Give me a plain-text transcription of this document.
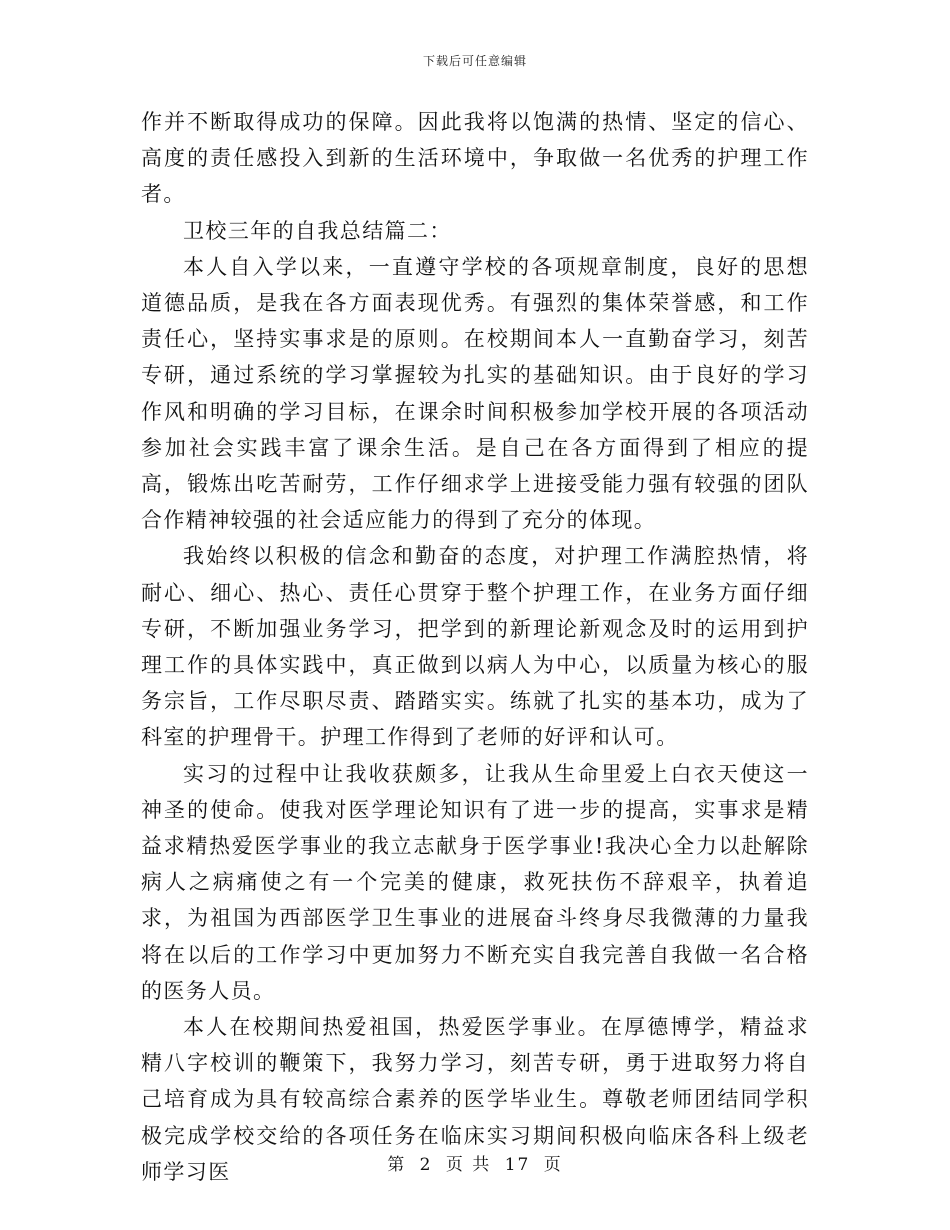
下载后可任意编辑

作并不断取得成功的保障。因此我将以饱满的热情、坚定的信心、高度的责任感投入到新的生活环境中，争取做一名优秀的护理工作者。

卫校三年的自我总结篇二：

本人自入学以来，一直遵守学校的各项规章制度，良好的思想道德品质，是我在各方面表现优秀。有强烈的集体荣誉感，和工作责任心，坚持实事求是的原则。在校期间本人一直勤奋学习，刻苦专研，通过系统的学习掌握较为扎实的基础知识。由于良好的学习作风和明确的学习目标，在课余时间积极参加学校开展的各项活动参加社会实践丰富了课余生活。是自己在各方面得到了相应的提高，锻炼出吃苦耐劳，工作仔细求学上进接受能力强有较强的团队合作精神较强的社会适应能力的得到了充分的体现。

我始终以积极的信念和勤奋的态度，对护理工作满腔热情，将耐心、细心、热心、责任心贯穿于整个护理工作，在业务方面仔细专研，不断加强业务学习，把学到的新理论新观念及时的运用到护理工作的具体实践中，真正做到以病人为中心，以质量为核心的服务宗旨，工作尽职尽责、踏踏实实。练就了扎实的基本功，成为了科室的护理骨干。护理工作得到了老师的好评和认可。

实习的过程中让我收获颇多，让我从生命里爱上白衣天使这一神圣的使命。使我对医学理论知识有了进一步的提高，实事求是精益求精热爱医学事业的我立志献身于医学事业!我决心全力以赴解除病人之病痛使之有一个完美的健康，救死扶伤不辞艰辛，执着追求，为祖国为西部医学卫生事业的进展奋斗终身尽我微薄的力量我将在以后的工作学习中更加努力不断充实自我完善自我做一名合格的医务人员。

本人在校期间热爱祖国，热爱医学事业。在厚德博学，精益求精八字校训的鞭策下，我努力学习，刻苦专研，勇于进取努力将自己培育成为具有较高综合素养的医学毕业生。尊敬老师团结同学积极完成学校交给的各项任务在临床实习期间积极向临床各科上级老师学习医	第 2 页 共 17 页
